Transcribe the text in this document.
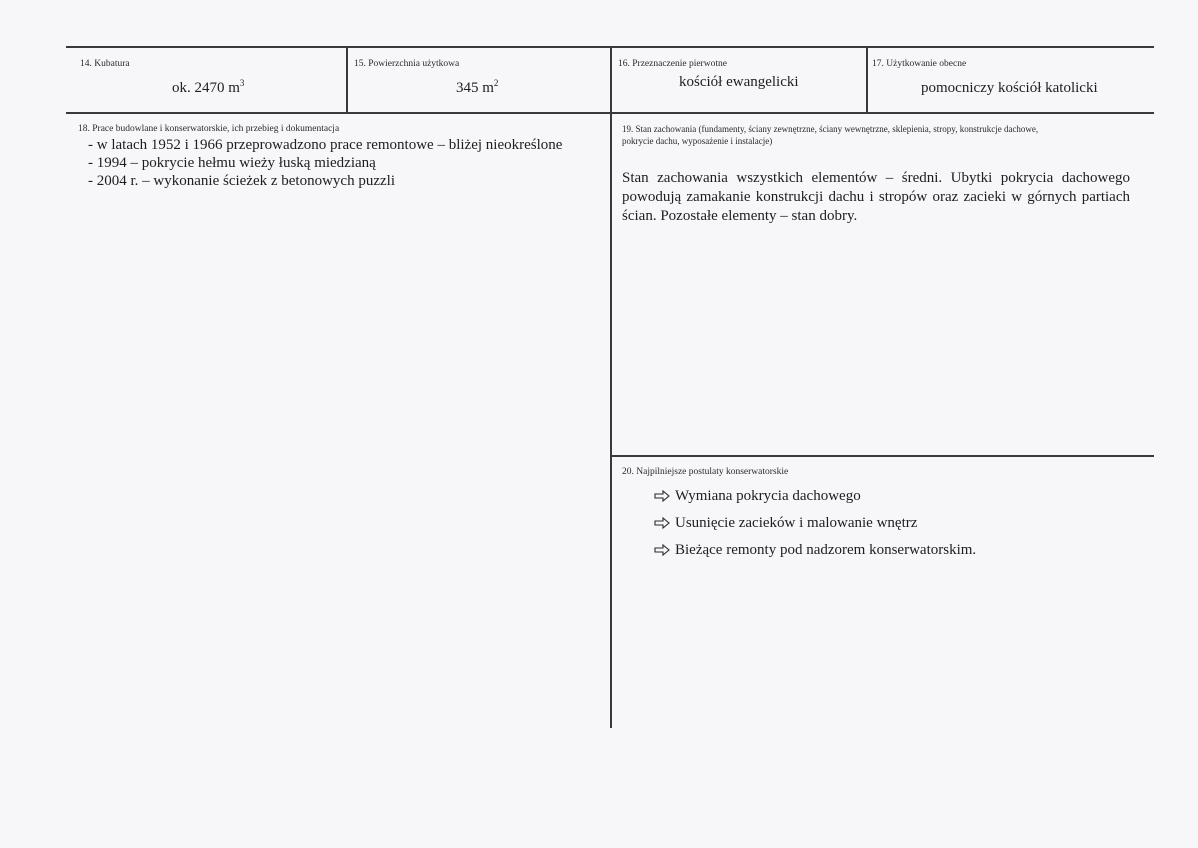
14. Kubatura
ok. 2470 $m^3$
15. Powierzchnia użytkowa
345 $m^2$
16. Przeznaczenie pierwotne
kościół ewangelicki
17. Użytkowanie obecne
pomocniczy kościół katolicki
18. Prace budowlane i konserwatorskie, ich przebieg i dokumentacja
- w latach 1952 i 1966 przeprowadzono prace remontowe – bliżej nieokreślone
- 1994 – pokrycie hełmu wieży łuską miedzianą
- 2004 r. – wykonanie ścieżek z betonowych puzzli
19. Stan zachowania (fundamenty, ściany zewnętrzne, ściany wewnętrzne, sklepienia, stropy, konstrukcje dachowe,
pokrycie dachu, wyposażenie i instalacje)
Stan zachowania wszystkich elementów – średni. Ubytki pokrycia dachowego powodują zamakanie konstrukcji dachu i stropów oraz zacieki w górnych partiach ścian. Pozostałe elementy – stan dobry.
20. Najpilniejsze postulaty konserwatorskie
Wymiana pokrycia dachowego
Usunięcie zacieków i malowanie wnętrz
Bieżące remonty pod nadzorem konserwatorskim.
